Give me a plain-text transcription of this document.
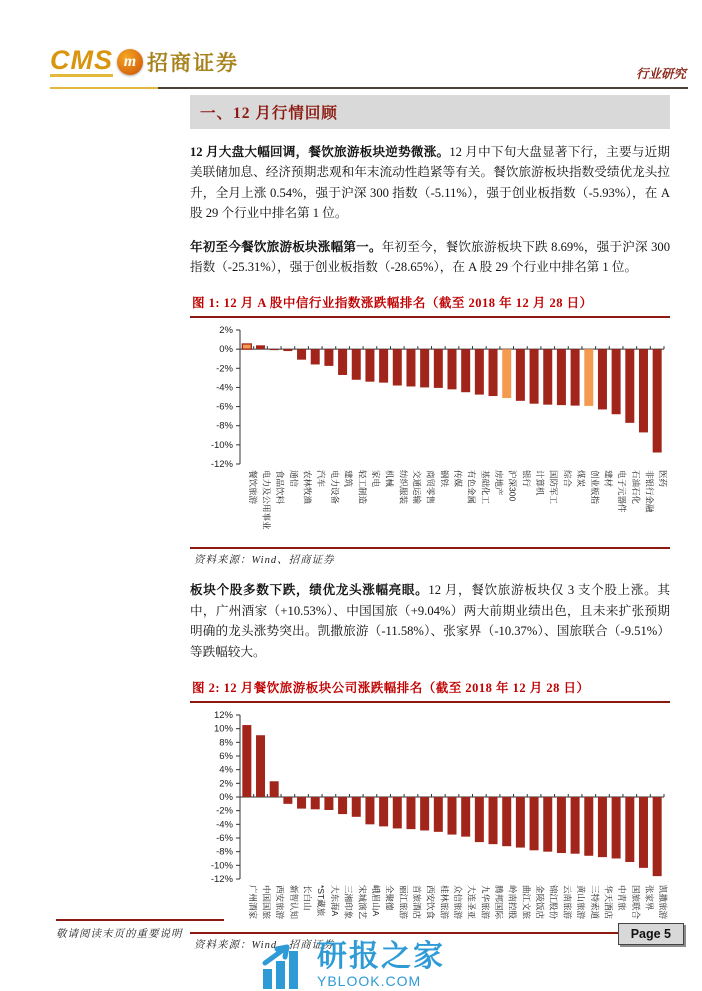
CMS m 招商证券	行业研究
一、12 月行情回顾

12 月大盘大幅回调，餐饮旅游板块逆势微涨。12 月中下旬大盘显著下行，主要与近期美联储加息、经济预期悲观和年末流动性趋紧等有关。餐饮旅游板块指数受绩优龙头拉升，全月上涨 0.54%，强于沪深 300 指数（-5.11%），强于创业板指数（-5.93%），在 A 股 29 个行业中排名第 1 位。

年初至今餐饮旅游板块涨幅第一。年初至今，餐饮旅游板块下跌 8.69%，强于沪深 300 指数（-25.31%），强于创业板指数（-28.65%），在 A 股 29 个行业中排名第 1 位。

图 1: 12 月 A 股中信行业指数涨跌幅排名（截至 2018 年 12 月 28 日）
2%
0%
-2%
-4%
-6%
-8%
-10%
-12%
餐饮旅游 电力及公用事业 食品饮料 通信 农林牧渔 汽车 电力设备 建筑 轻工制造 家电 机械 纺织服装 交通运输 商贸零售 钢铁 传媒 有色金属 基础化工 房地产 沪深300 银行 计算机 国防军工 综合 煤炭 创业板指 建材 电子元器件 石油石化 非银行金融 医药
资料来源：Wind、招商证券

板块个股多数下跌，绩优龙头涨幅亮眼。12 月，餐饮旅游板块仅 3 支个股上涨。其中，广州酒家（+10.53%）、中国国旅（+9.04%）两大前期业绩出色，且未来扩张预期明确的龙头涨势突出。凯撒旅游（-11.58%）、张家界（-10.37%）、国旅联合（-9.51%）等跌幅较大。

图 2: 12 月餐饮旅游板块公司涨跌幅排名（截至 2018 年 12 月 28 日）
12%
10%
8%
6%
4%
2%
0%
-2%
-4%
-6%
-8%
-10%
-12%
广州酒家 中国国旅 西安旅游 新智认知 长白山 *ST藏旅 大东海A 三湘印象 宋城演艺 峨眉山A 全聚德 丽江旅游 首旅酒店 西安饮食 桂林旅游 众信旅游 大连圣亚 九华旅游 腾邦国际 岭南控股 曲江文旅 金陵饭店 锦江股份 云南旅游 黄山旅游 三特索道 华天酒店 中青旅 国旅联合 张家界 凯撒旅游
资料来源：Wind、招商证券
敬请阅读末页的重要说明	Page 5
研报之家
YBLOOK.COM
